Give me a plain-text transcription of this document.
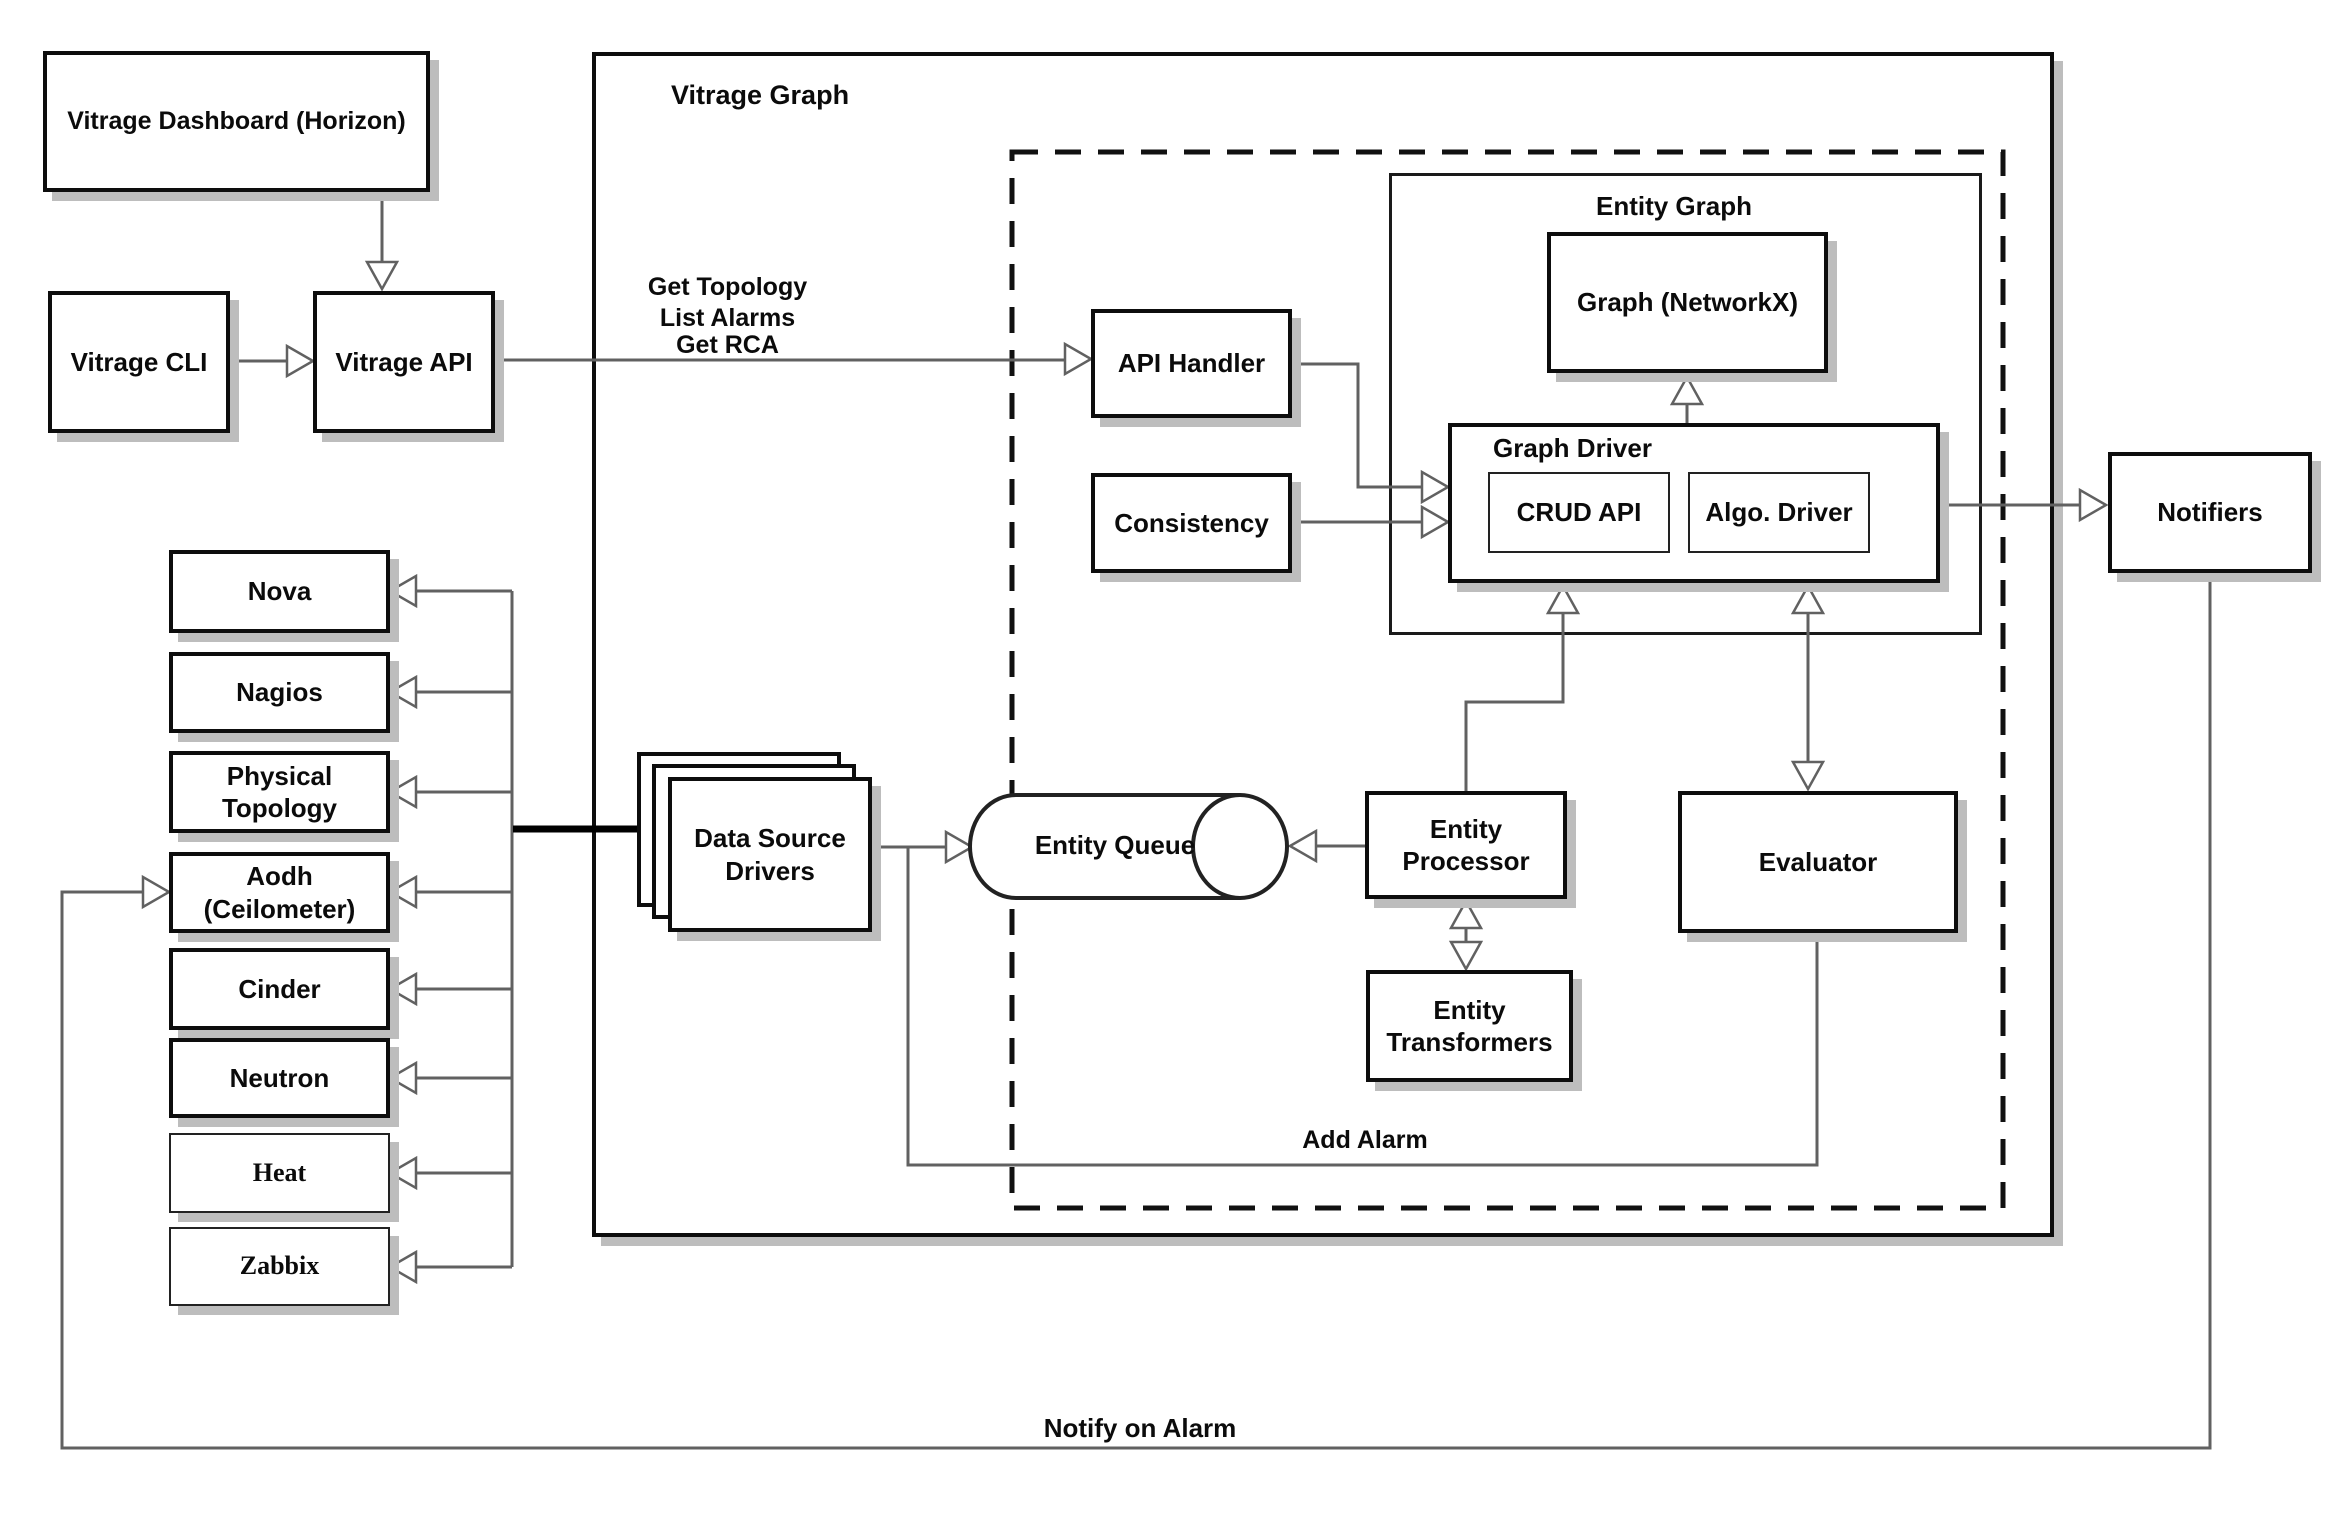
Vitrage Dashboard (Horizon)
Vitrage CLI	Vitrage API
Vitrage Graph
Entity Graph
Get Topology
List Alarms
Get RCA
Add Alarm
Notify on Alarm
API Handler
Consistency
Graph (NetworkX)
Graph Driver
CRUD API Algo. Driver
Entity Processor
Entity Transformers
Evaluator
Notifiers
Data Source Drivers
Entity Queue
Nova
Nagios
Physical Topology
Aodh (Ceilometer)
Cinder
Neutron
Heat
Zabbix
